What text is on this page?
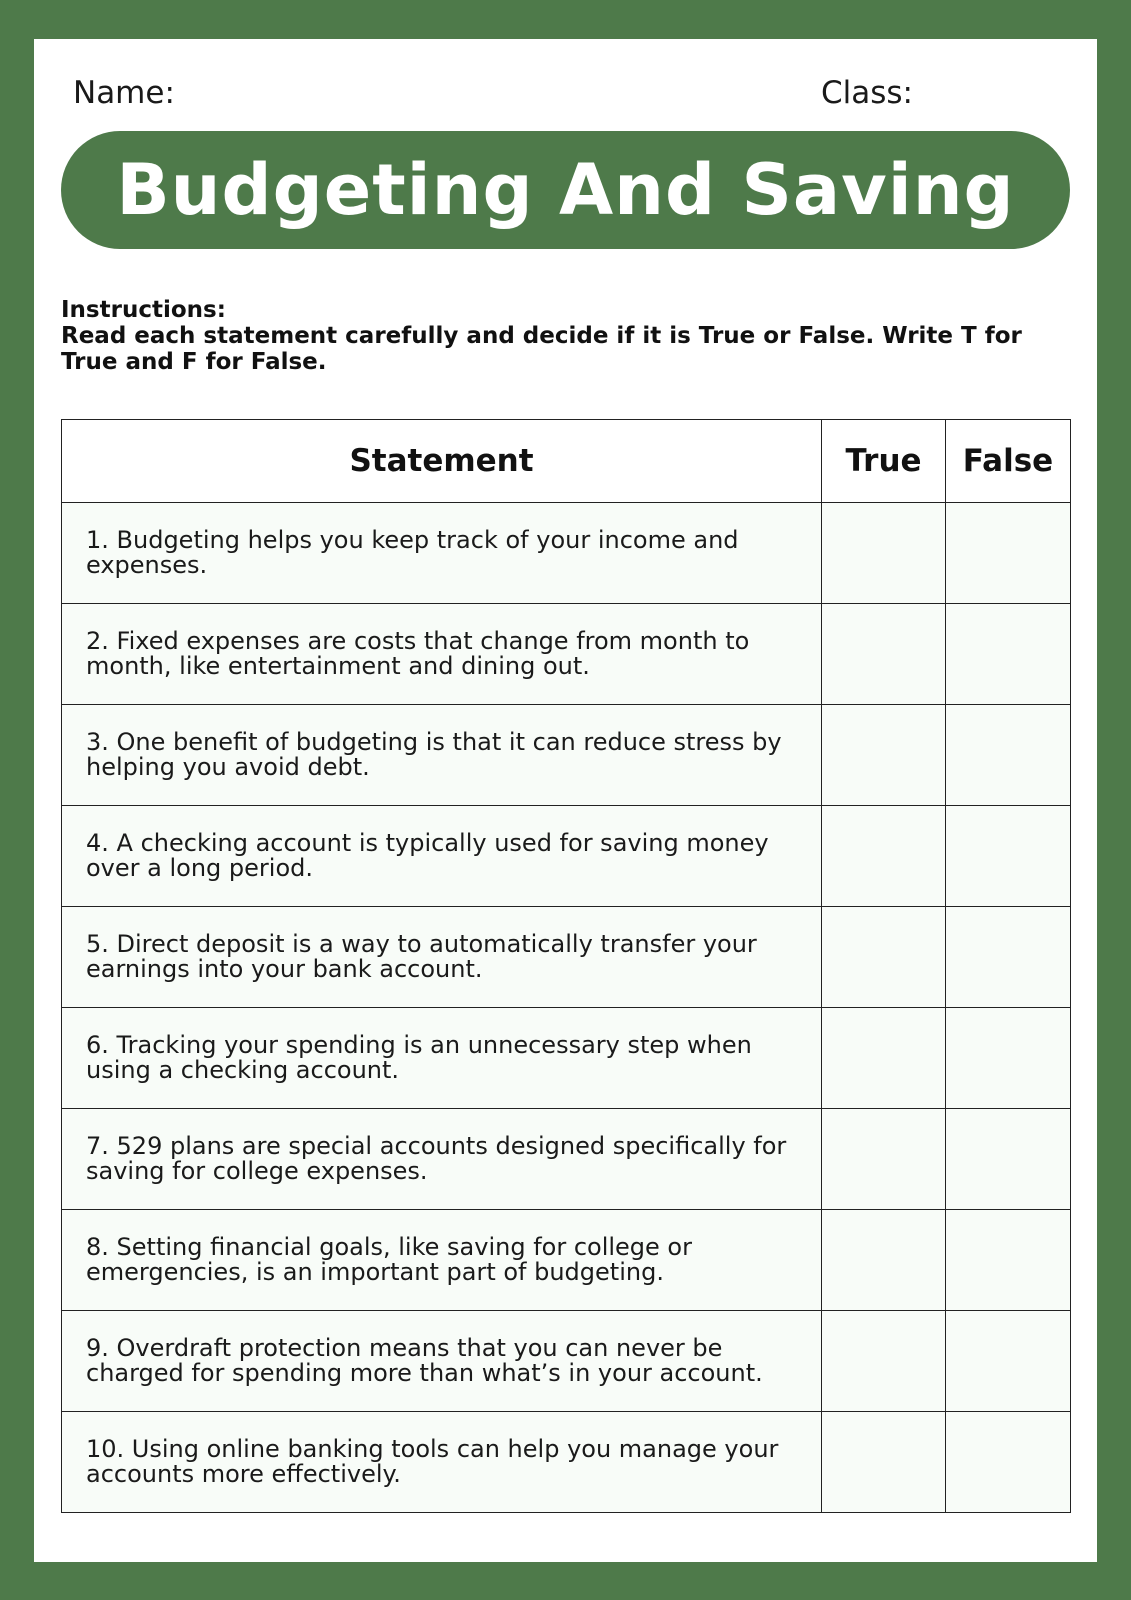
Name:	Class:
Budgeting And Saving
Instructions:
Read each statement carefully and decide if it is True or False. Write T for True and F for False.
Statement	True	False
1. Budgeting helps you keep track of your income and expenses.		
2. Fixed expenses are costs that change from month to month, like entertainment and dining out.		
3. One benefit of budgeting is that it can reduce stress by helping you avoid debt.		
4. A checking account is typically used for saving money over a long period.		
5. Direct deposit is a way to automatically transfer your earnings into your bank account.		
6. Tracking your spending is an unnecessary step when using a checking account.		
7. 529 plans are special accounts designed specifically for saving for college expenses.		
8. Setting financial goals, like saving for college or emergencies, is an important part of budgeting.		
9. Overdraft protection means that you can never be charged for spending more than what’s in your account.		
10. Using online banking tools can help you manage your accounts more effectively.		
